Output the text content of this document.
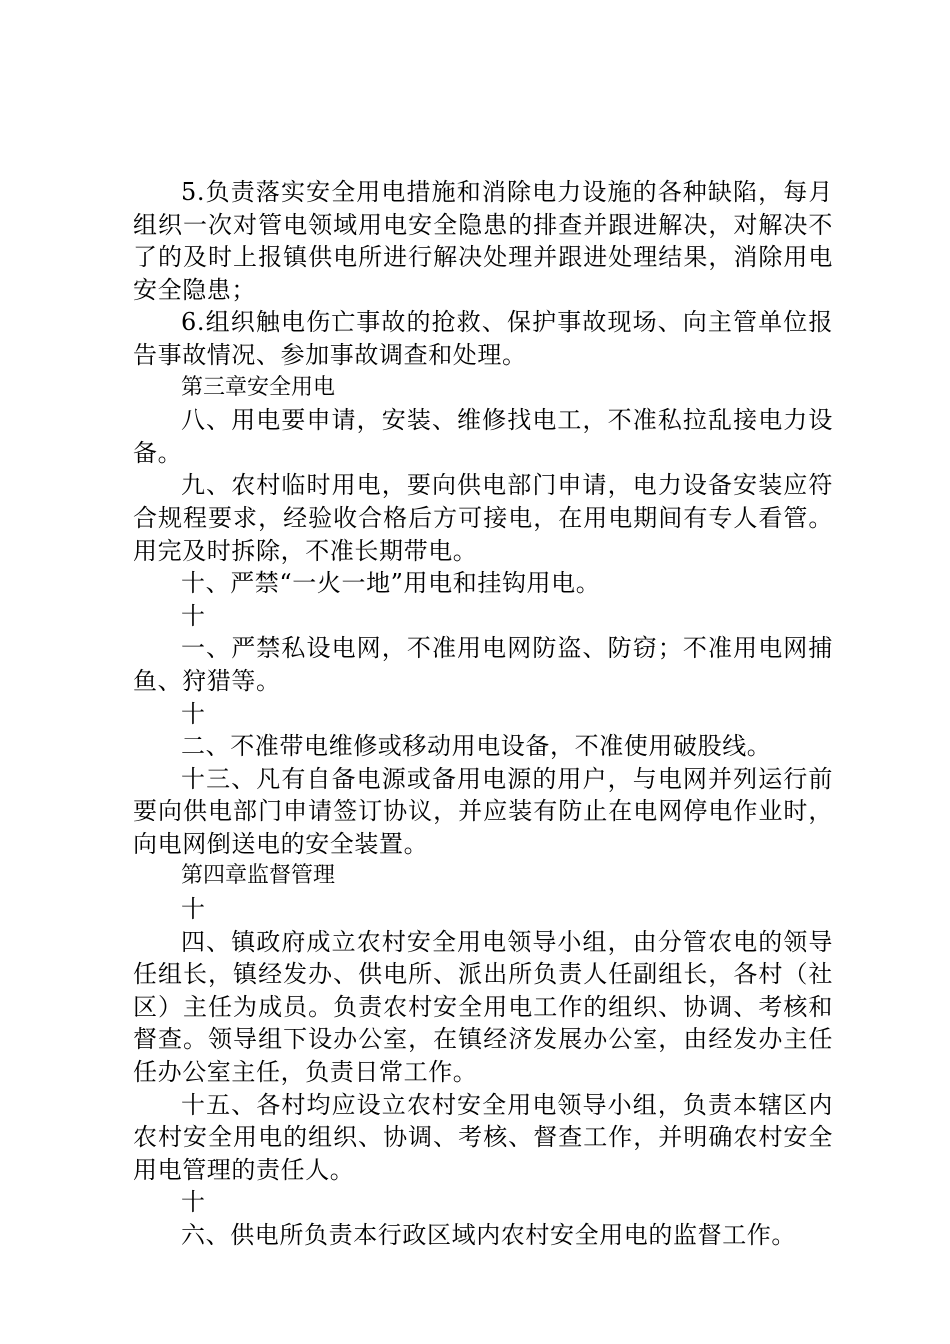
5.负责落实安全用电措施和消除电力设施的各种缺陷，每月组织一次对管电领域用电安全隐患的排查并跟进解决，对解决不了的及时上报镇供电所进行解决处理并跟进处理结果，消除用电安全隐患；

6.组织触电伤亡事故的抢救、保护事故现场、向主管单位报告事故情况、参加事故调查和处理。

第三章安全用电

八、用电要申请，安装、维修找电工，不准私拉乱接电力设备。

九、农村临时用电，要向供电部门申请，电力设备安装应符合规程要求，经验收合格后方可接电，在用电期间有专人看管。用完及时拆除，不准长期带电。

十、严禁“一火一地”用电和挂钩用电。

十

一、严禁私设电网，不准用电网防盗、防窃；不准用电网捕鱼、狩猎等。

十

二、不准带电维修或移动用电设备，不准使用破股线。

十三、凡有自备电源或备用电源的用户，与电网并列运行前要向供电部门申请签订协议，并应装有防止在电网停电作业时，向电网倒送电的安全装置。

第四章监督管理

十

四、镇政府成立农村安全用电领导小组，由分管农电的领导任组长，镇经发办、供电所、派出所负责人任副组长，各村（社区）主任为成员。负责农村安全用电工作的组织、协调、考核和督查。领导组下设办公室，在镇经济发展办公室，由经发办主任任办公室主任，负责日常工作。

十五、各村均应设立农村安全用电领导小组，负责本辖区内农村安全用电的组织、协调、考核、督查工作，并明确农村安全用电管理的责任人。

十

六、供电所负责本行政区域内农村安全用电的监督工作。
